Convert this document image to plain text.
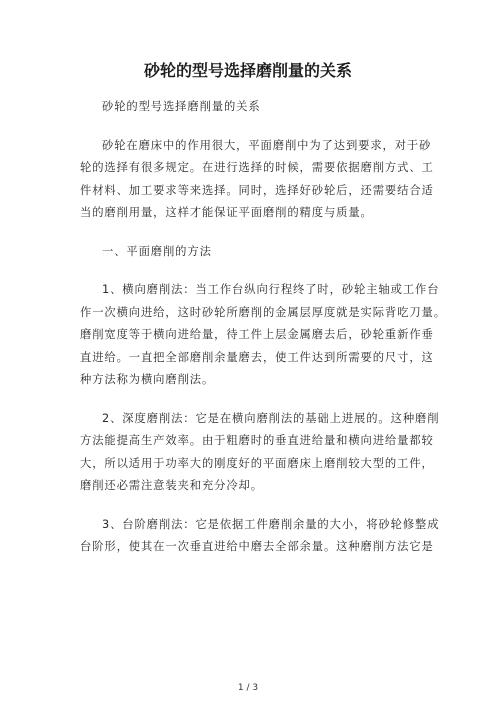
砂轮的型号选择磨削量的关系

砂轮的型号选择磨削量的关系

砂轮在磨床中的作用很大，平面磨削中为了达到要求，对于砂
轮的选择有很多规定。在进行选择的时候，需要依据磨削方式、工
件材料、加工要求等来选择。同时，选择好砂轮后，还需要结合适
当的磨削用量，这样才能保证平面磨削的精度与质量。

一、平面磨削的方法

1、横向磨削法：当工作台纵向行程终了时，砂轮主轴或工作台
作一次横向进给，这时砂轮所磨削的金属层厚度就是实际背吃刀量。
磨削宽度等于横向进给量，待工件上层金属磨去后，砂轮重新作垂
直进给。一直把全部磨削余量磨去，使工件达到所需要的尺寸，这
种方法称为横向磨削法。

2、深度磨削法：它是在横向磨削法的基础上进展的。这种磨削
方法能提高生产效率。由于粗磨时的垂直进给量和横向进给量都较
大，所以适用于功率大的刚度好的平面磨床上磨削较大型的工件，
磨削还必需注意装夹和充分冷却。

3、台阶磨削法：它是依据工件磨削余量的大小，将砂轮修整成
台阶形，使其在一次垂直进给中磨去全部余量。这种磨削方法它是

1 / 3
